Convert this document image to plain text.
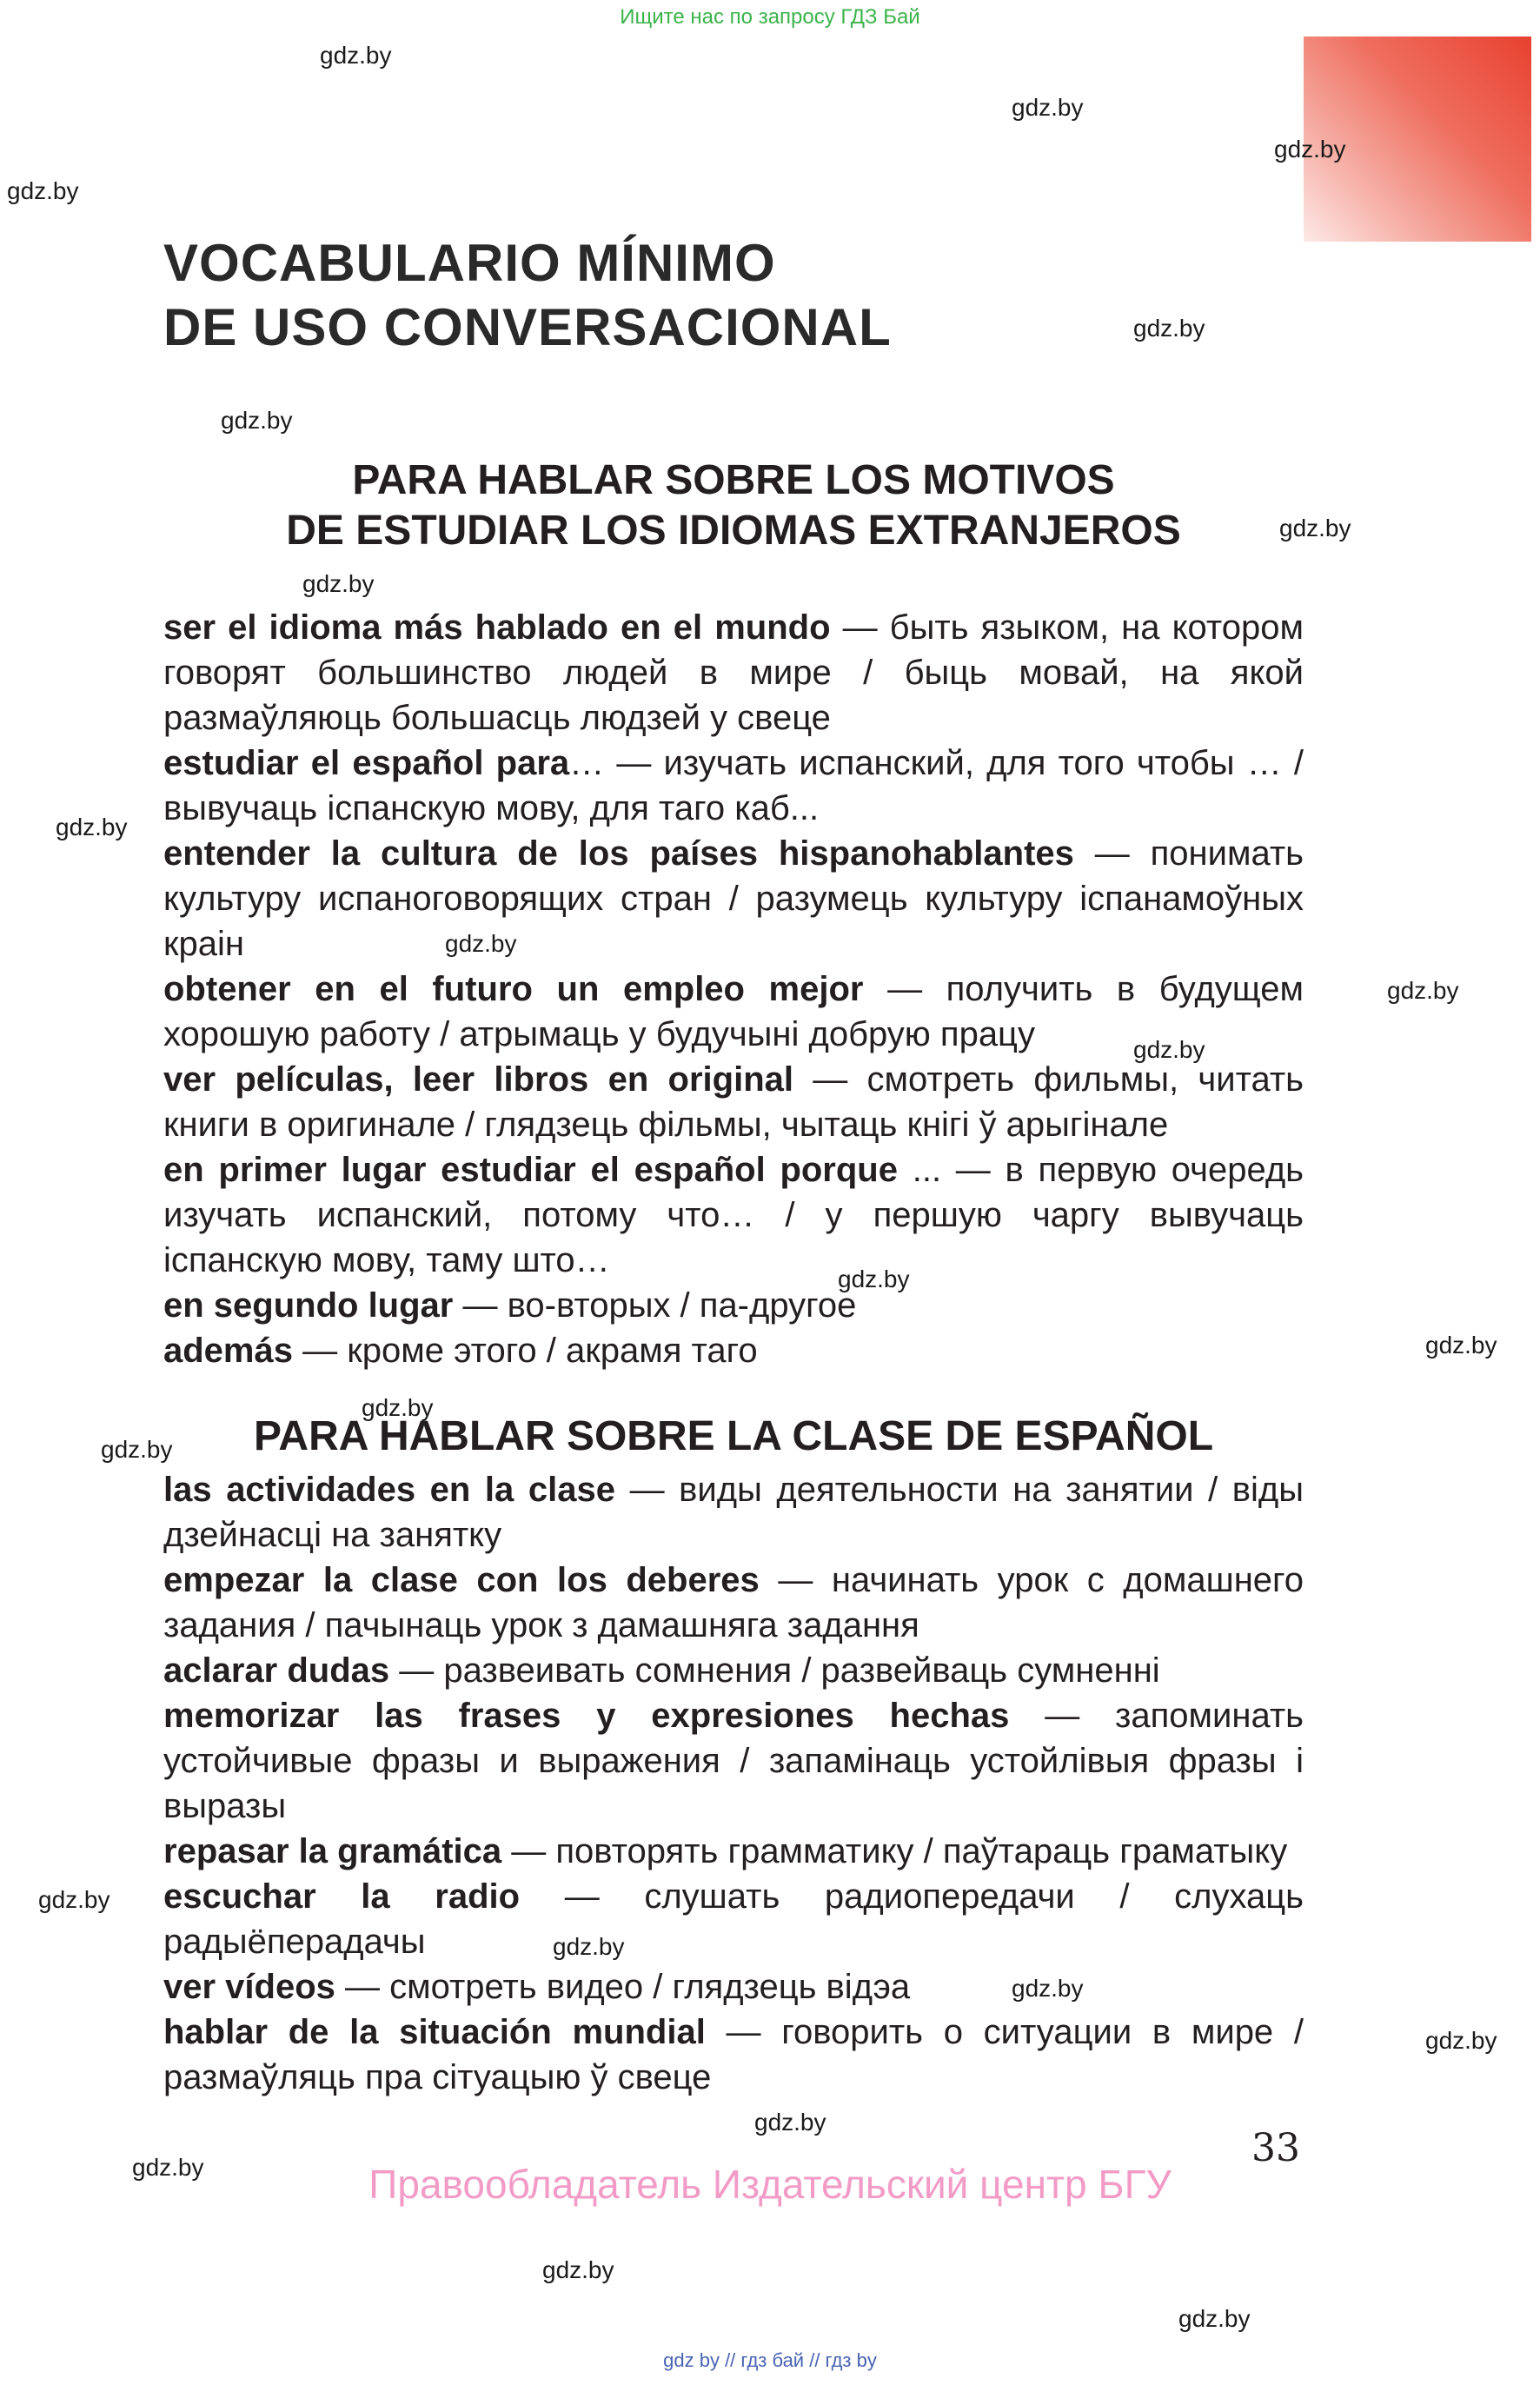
Ищите нас по запросу ГДЗ Бай
VOCABULARIO MÍNIMO
DE USO CONVERSACIONAL
PARA HABLAR SOBRE LOS MOTIVOS
DE ESTUDIAR LOS IDIOMAS EXTRANJEROS

ser el idioma más hablado en el mundo — быть языком, на котором говорят большинство людей в мире / быць мовай, на якой размаўляюць большасць людзей у свеце

estudiar el español para… — изучать испанский, для того чтобы … / вывучаць іспанскую мову, для таго каб...

entender la cultura de los países hispanohablantes — понимать культуру испаноговорящих стран / разумець культуру іспанамоўных краін

obtener en el futuro un empleo mejor — получить в будущем хорошую работу / атрымаць у будучыні добрую працу

ver películas, leer libros en original — смотреть фильмы, читать книги в оригинале / глядзець фільмы, чытаць кнігі ў арыгінале

en primer lugar estudiar el español porque ... — в первую очередь изучать испанский, потому что… / у першую чаргу вывучаць іспанскую мову, таму што…

en segundo lugar — во-вторых / па-другое

además — кроме этого / акрамя таго

PARA HABLAR SOBRE LA CLASE DE ESPAÑOL

las actividades en la clase — виды деятельности на занятии / віды дзейнасці на занятку

empezar la clase con los deberes — начинать урок с домашнего задания / пачынаць урок з дамашняга задання

aclarar dudas — развеивать сомнения / развейваць сумненні

memorizar las frases y expresiones hechas — запоминать устойчивые фразы и выражения / запамінаць устойлівыя фразы і выразы

repasar la gramática — повторять грамматику / паўтараць граматыку

escuchar la radio — слушать радиопередачи / слухаць радыёперадачы

ver vídeos — смотреть видео / глядзець відэа

hablar de la situación mundial — говорить о ситуации в мире / размаўляць пра сітуацыю ў свеце

gdz.by
gdz.by
gdz.by
gdz.by
gdz.by
gdz.by
gdz.by
gdz.by
gdz.by
gdz.by
gdz.by
gdz.by
gdz.by
gdz.by
gdz.by
gdz.by
gdz.by
gdz.by
gdz.by
gdz.by
gdz.by
gdz.by
gdz.by
gdz.by
33
Правообладатель Издательский центр БГУ
gdz by // гдз бай // гдз by
